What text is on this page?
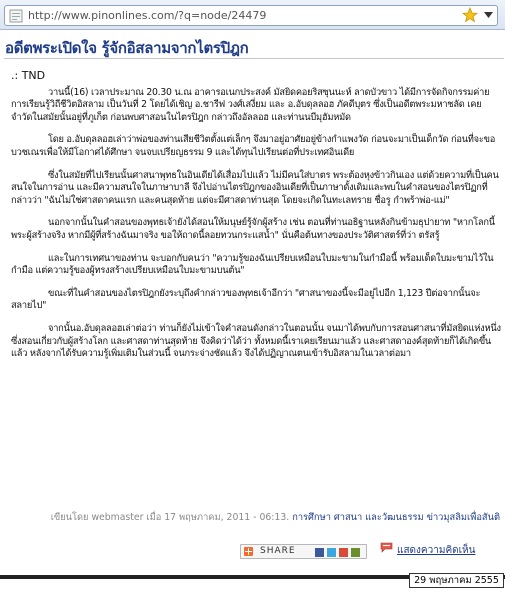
http://www.pinonlines.com/?q=node/24479
อดีตพระเปิดใจ รู้จักอิสลามจากไตรปิฎก
.: TND

วานนี้(16) เวลาประมาณ 20.30 น.ณ อาคารอเนกประสงค์ มัสยิดคอยริสซุนนะห์ ลาดบัวขาว ได้มีการจัดกิจกรรมค่ายการเรียนรู้วิถีชีวิตอิสลาม เป็นวันที่ 2 โดยได้เชิญ อ.ชารีฟ วงศ์เสงี่ยม และ อ.อับดุลลอฮ ภัคดีบุตร ซึ่งเป็นอดีตพระมหาชลัด เคยจำวัดในสมัยนั้นอยู่ที่ภูเก็ต ก่อนพบศาสอนในไตรปิฎก กล่าวถึงอัลลอฮ และท่านนบีมุฮัมหมัด

โดย อ.อับดุลลอฮเล่าว่าพ่อของท่านเสียชีวิตตั้งแต่เล็กๆ จึงมาอยู่อาศัยอยู่ข้างกำแพงวัด ก่อนจะมาเป็นเด็กวัด ก่อนที่จะขอบวชเณรเพื่อให้มีโอกาศได้ศึกษา จนจบเปรียญธรรม 9 และได้ทุนไปเรียนต่อที่ประเทศอินเดีย

ซึ่งในสมัยที่ไปเรียนนั้นศาสนาพุทธในอินเดียได้เสื่อมไปแล้ว ไม่มีคนใส่บาตร พระต้องหุงข้าวกินเอง แต่ด้วยความที่เป็นคนสนใจในการอ่าน และมีความสนใจในภาษาบาลี จึงไปอ่านไตรปิฎกของอินเดียที่เป็นภาษาดั้งเดิมและพบในคำสอนของไตรปิฏกที่กล่าวว่า "ฉันไม่ใช่ศาสดาคนแรก และคนสุดท้าย แต่จะมีศาสดาท่านสุด โดยจะเกิดในทะเลทราย ชื่อรู กำพร้าพ่อ-แม่"

นอกจากนั้นในคำสอนของพุทธเจ้ายังได้สอนให้มนุษย์รู้จักผู้สร้าง เช่น ตอนที่ท่านอธิฐานหลังกินข้ามธุปายาท "หากโลกนี้พระผู้สร้างจริง หากมีผู้ที่สร้างฉันมาจริง ขอให้ถาดนี้ลอยทวนกระแสน้ำ" นั่นคือต้นทางของประวัติศาสตร์ที่ว่า ตรัสรู้

และในการเทศนาของท่าน จะบอกกับคนว่า "ความรู้ของฉันเปรียบเหมือนใบมะขามในกำมือนี้ พร้อมเด็ดใบมะขามไว้ในกำมือ แต่ความรู้ของผู้ทรงสร้างเปรียบเหมือนใบมะขามบนต้น"

ขณะที่ในคำสอนของไตรปิฎกยังระบุถึงคำกล่าวของพุทธเจ้าอีกว่า "ศาสนาของนี้จะมีอยู่ไปอีก 1,123 ปีต่อจากนั้นจะสลายไป"

จากนั้นอ.อับดุลลอฮเล่าต่อว่า ท่านก็ยังไม่เข้าใจคำสอนดังกล่าวในตอนนั้น จนมาได้พบกับการสอนศาสนาที่มัสยิดแห่งหนึ่ง ซึ่งสอนเกี่ยวกับผู้สร้างโลก และศาสดาท่านสุดท้าย จึงคิดว่าได้ว่า ทั้งหมดนี้เราเคยเรียนมาแล้ว และศาสดาองค์สุดท้ายก็ได้เกิดขึ้นแล้ว หลังจากได้รับความรู้เพิ่มเติมในส่วนนี้ จนกระจ่างชัดแล้ว จึงได้ปฏิญาณตนเข้ารับอิสลามในเวลาต่อมา

เขียนโดย webmaster เมื่อ 17 พฤษภาคม, 2011 - 06:13. การศึกษา ศาสนา และวัฒนธรรม ข่าวมุสลิมเพื่อสันติ
SHARE	แสดงความคิดเห็น
29 พฤษภาคม 2555
